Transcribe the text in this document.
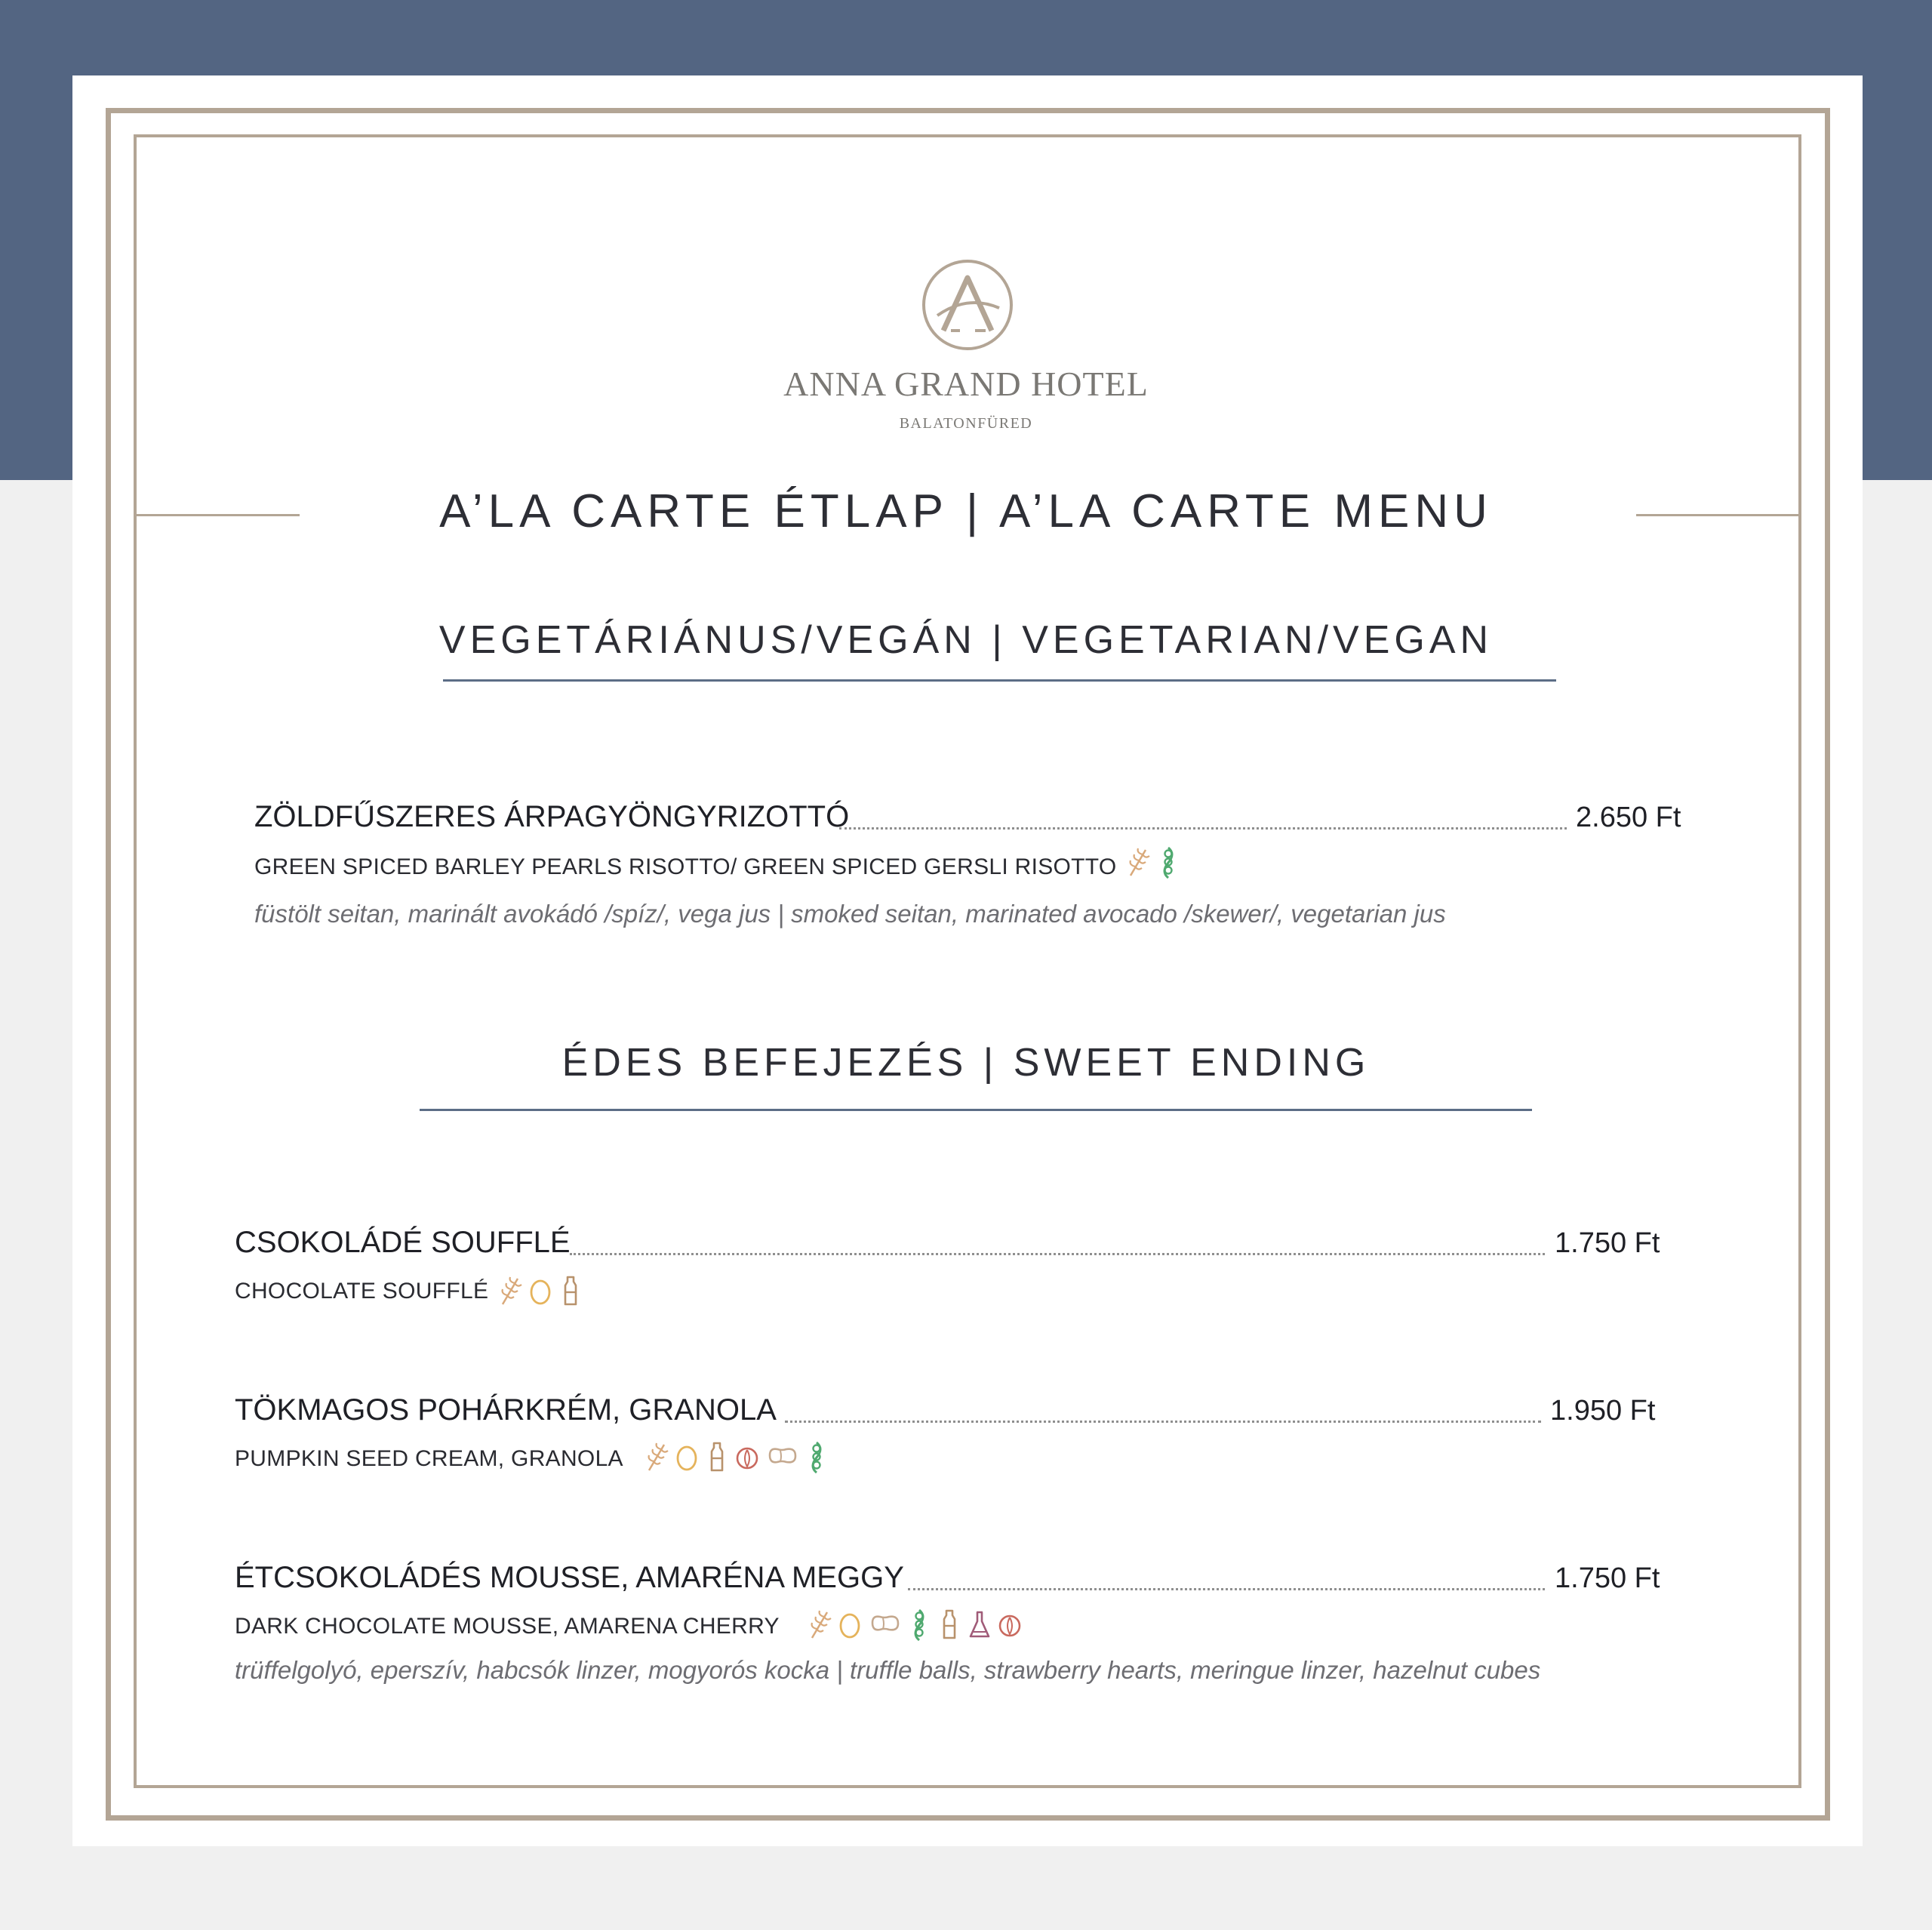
ANNA GRAND HOTEL
BALATONFÜRED
A’LA CARTE ÉTLAP | A’LA CARTE MENU
VEGETÁRIÁNUS/VEGÁN | VEGETARIAN/VEGAN
ZÖLDFŰSZERES ÁRPAGYÖNGYRIZOTTÓ	2.650 Ft
GREEN SPICED BARLEY PEARLS RISOTTO/ GREEN SPICED GERSLI RISOTTO
füstölt seitan, marinált avokádó /spíz/, vega jus | smoked seitan, marinated avocado /skewer/, vegetarian jus
ÉDES BEFEJEZÉS | SWEET ENDING
CSOKOLÁDÉ SOUFFLÉ	1.750 Ft
CHOCOLATE SOUFFLÉ
TÖKMAGOS POHÁRKRÉM, GRANOLA	1.950 Ft
PUMPKIN SEED CREAM, GRANOLA
ÉTCSOKOLÁDÉS MOUSSE, AMARÉNA MEGGY	1.750 Ft
DARK CHOCOLATE MOUSSE, AMARENA CHERRY
trüffelgolyó, eperszív, habcsók linzer, mogyorós kocka | truffle balls, strawberry hearts, meringue linzer, hazelnut cubes
